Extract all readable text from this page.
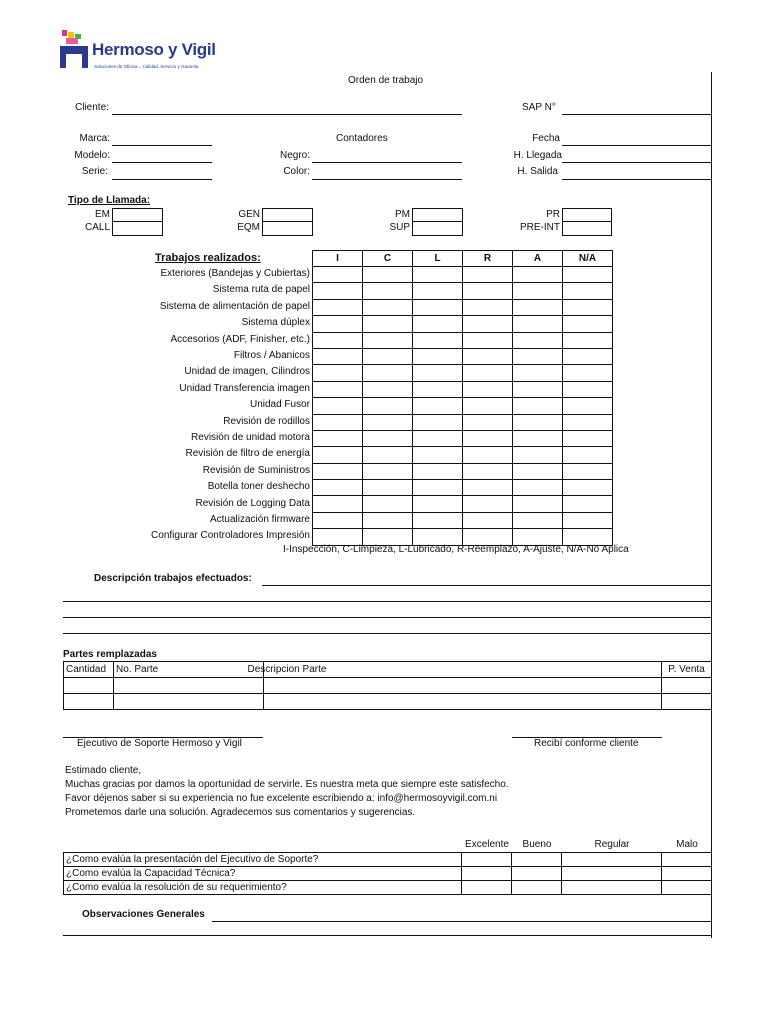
Hermoso y Vigil
Soluciones de Oficina... Calidad, Servicio y Garantía
Orden de trabajo
Cliente:	SAP N°
Marca:	Contadores	Fecha
Modelo:	Negro:	H. Llegada
Serie:	Color:	H. Salida
Tipo de Llamada:
EM
CALL
GEN
EQM
PM
SUP
PR
PRE-INT
Trabajos realizados:
Exteriores (Bandejas y Cubiertas)
Sistema ruta de papel
Sistema de alimentación de papel
Sistema dúplex
Accesorios (ADF, Finisher, etc.)
Filtros / Abanicos
Unidad de imagen, Cilindros
Unidad Transferencia imagen
Unidad Fusor
Revisión de rodillos
Revisión de unidad motora
Revisión de filtro de energía
Revisión de Suministros
Botella toner deshecho
Revisión de Logging Data
Actualización firmware
Configurar Controladores Impresión
I	C	L	R	A	N/A

I-Inspección, C-Limpieza, L-Lubricado, R-Reemplazo, A-Ajuste, N/A-No Aplica
Descripción trabajos efectuados:
Partes remplazadas
Cantidad	No. Parte Descripcion Parte		P. Venta

Ejecutivo de Soporte Hermoso y Vigil	Recibí conforme cliente
Estimado cliente,
Muchas gracias por damos la oportunidad de servirle. Es nuestra meta que siempre este satisfecho.
Favor déjenos saber si su experiencia no fue excelente escribiendo a: info@hermosoyvigil.com.ni
Prometemos darle una solución. Agradecemos sus comentarios y sugerencias.
Excelente	Bueno	Regular	Malo
¿Como evalúa la presentación del Ejecutivo de Soporte?				
¿Como evalúa la Capacidad Técnica?				
¿Como evalúa la resolución de su requerimiento?				
Observaciones Generales
